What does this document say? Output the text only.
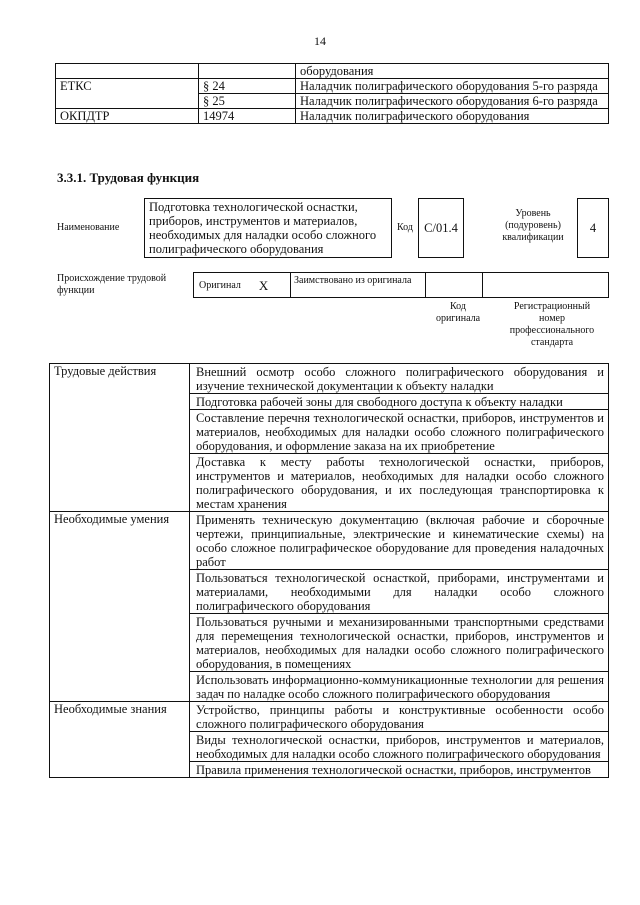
14
		оборудования
ЕТКС	§ 24	Наладчик полиграфического оборудования 5-го разряда
	§ 25	Наладчик полиграфического оборудования 6-го разряда
ОКПДТР	14974	Наладчик полиграфического оборудования
3.3.1. Трудовая функция
Наименование
Подготовка технологической оснастки, приборов, инструментов и материалов, необходимых для наладки особо сложного полиграфического оборудования
Код C/01.4
Уровень (подуровень) квалификации
4
Происхождение трудовой функции	Оригинал X	Заимствовано из оригинала
Код оригинала
Регистрационный номер профессионального стандарта
Трудовые действия	Внешний осмотр особо сложного полиграфического оборудования и изучение технической документации к объекту наладки
	Подготовка рабочей зоны для свободного доступа к объекту наладки
	Составление перечня технологической оснастки, приборов, инструментов и материалов, необходимых для наладки особо сложного полиграфического оборудования, и оформление заказа на их приобретение
	Доставка к месту работы технологической оснастки, приборов, инструментов и материалов, необходимых для наладки особо сложного полиграфического оборудования, и их последующая транспортировка к местам хранения
Необходимые умения	Применять техническую документацию (включая рабочие и сборочные чертежи, принципиальные, электрические и кинематические схемы) на особо сложное полиграфическое оборудование для проведения наладочных работ
	Пользоваться технологической оснасткой, приборами, инструментами и материалами, необходимыми для наладки особо сложного полиграфического оборудования
	Пользоваться ручными и механизированными транспортными средствами для перемещения технологической оснастки, приборов, инструментов и материалов, необходимых для наладки особо сложного полиграфического оборудования, в помещениях
	Использовать информационно-коммуникационные технологии для решения задач по наладке особо сложного полиграфического оборудования
Необходимые знания	Устройство, принципы работы и конструктивные особенности особо сложного полиграфического оборудования
	Виды технологической оснастки, приборов, инструментов и материалов, необходимых для наладки особо сложного полиграфического оборудования
	Правила применения технологической оснастки, приборов, инструментов
